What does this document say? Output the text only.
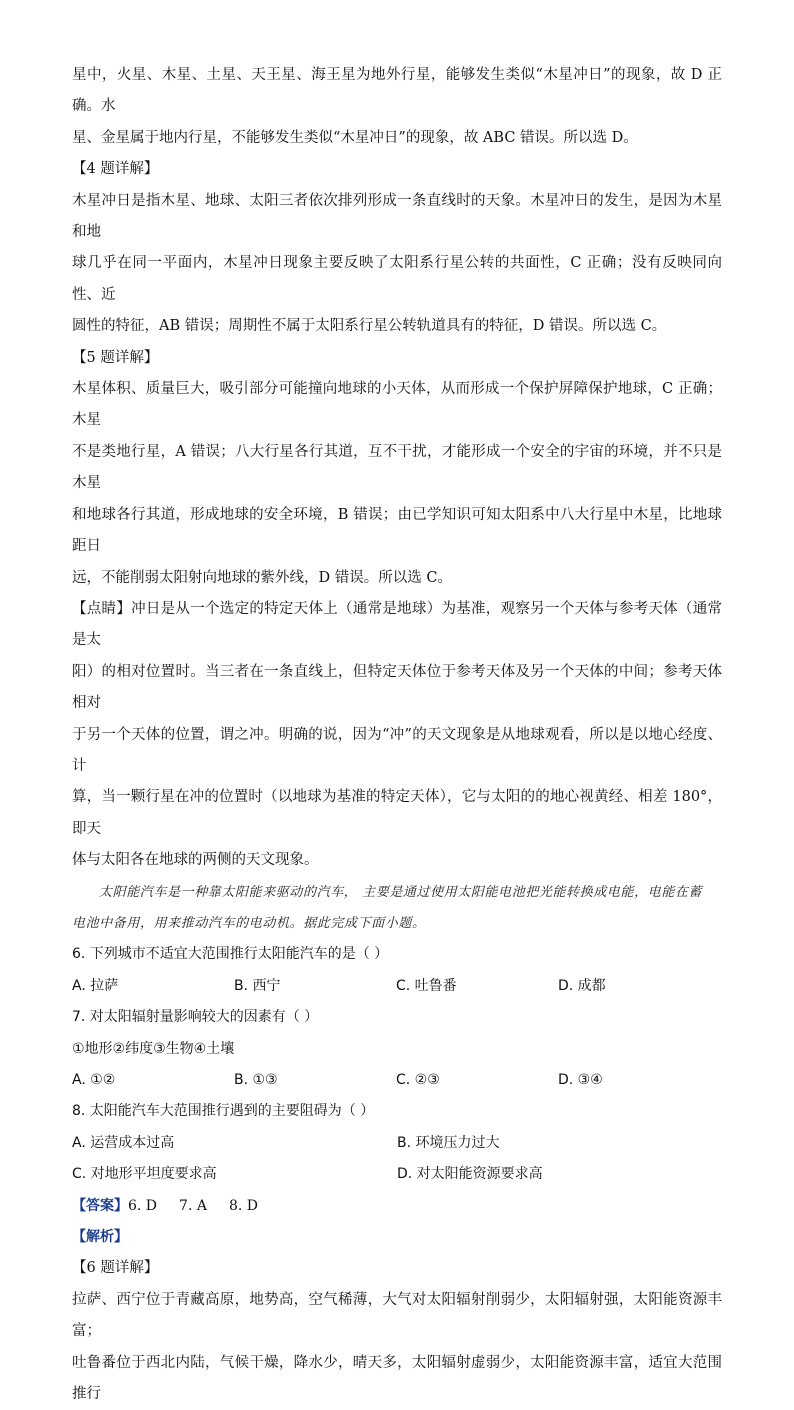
星中，火星、木星、土星、天王星、海王星为地外行星，能够发生类似“木星冲日”的现象，故 D 正确。水

星、金星属于地内行星，不能够发生类似“木星冲日”的现象，故 ABC 错误。所以选 D。

【4 题详解】

木星冲日是指木星、地球、太阳三者依次排列形成一条直线时的天象。木星冲日的发生，是因为木星和地

球几乎在同一平面内，木星冲日现象主要反映了太阳系行星公转的共面性，C 正确；没有反映同向性、近

圆性的特征，AB 错误；周期性不属于太阳系行星公转轨道具有的特征，D 错误。所以选 C。

【5 题详解】

木星体积、质量巨大，吸引部分可能撞向地球的小天体，从而形成一个保护屏障保护地球，C 正确；木星

不是类地行星，A 错误；八大行星各行其道，互不干扰，才能形成一个安全的宇宙的环境，并不只是木星

和地球各行其道，形成地球的安全环境，B 错误；由已学知识可知太阳系中八大行星中木星，比地球距日

远，不能削弱太阳射向地球的紫外线，D 错误。所以选 C。

【点睛】冲日是从一个选定的特定天体上（通常是地球）为基准，观察另一个天体与参考天体（通常是太

阳）的相对位置时。当三者在一条直线上，但特定天体位于参考天体及另一个天体的中间；参考天体相对

于另一个天体的位置，谓之冲。明确的说，因为“冲”的天文现象是从地球观看，所以是以地心经度、计

算，当一颗行星在冲的位置时（以地球为基准的特定天体），它与太阳的的地心视黄经、相差 180°，即天

体与太阳各在地球的两侧的天文现象。

太阳能汽车是一种靠太阳能来驱动的汽车， 主要是通过使用太阳能电池把光能转换成电能，电能在蓄

电池中备用，用来推动汽车的电动机。据此完成下面小题。

6. 下列城市不适宜大范围推行太阳能汽车的是（ ）

A. 拉萨	B. 西宁	C. 吐鲁番	D. 成都

7. 对太阳辐射量影响较大的因素有（ ）

①地形②纬度③生物④土壤

A. ①②	B. ①③	C. ②③	D. ③④

8. 太阳能汽车大范围推行遇到的主要阻碍为（ ）

A. 运营成本过高	B. 环境压力过大
C. 对地形平坦度要求高	D. 对太阳能资源要求高

【答案】6. D 7. A 8. D

【解析】

【6 题详解】

拉萨、西宁位于青藏高原，地势高，空气稀薄，大气对太阳辐射削弱少，太阳辐射强，太阳能资源丰富；

吐鲁番位于西北内陆，气候干燥，降水少，晴天多，太阳辐射虚弱少，太阳能资源丰富，适宜大范围推行
